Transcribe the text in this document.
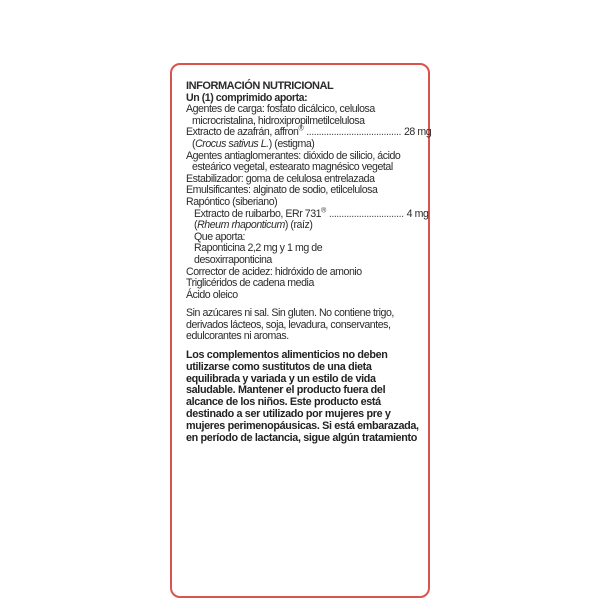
INFORMACIÓN NUTRICIONAL
Un (1) comprimido aporta:
Agentes de carga: fosfato dicálcico, celulosa
microcristalina, hidroxipropilmetilcelulosa
Extracto de azafrán, affron® ...................................... 28 mg
(Crocus sativus L.) (estigma)
Agentes antiaglomerantes: dióxido de silicio, ácido
esteárico vegetal, estearato magnésico vegetal
Estabilizador: goma de celulosa entrelazada
Emulsificantes: alginato de sodio, etilcelulosa
Rapóntico (siberiano)
Extracto de ruibarbo, ERr 731® .............................. 4 mg
(Rheum rhaponticum) (raíz)
Que aporta:
Raponticina 2,2 mg y 1 mg de
desoxirraponticina
Corrector de acidez: hidróxido de amonio
Triglicéridos de cadena media
Ácido oleico
Sin azúcares ni sal. Sin gluten. No contiene trigo,
derivados lácteos, soja, levadura, conservantes,
edulcorantes ni aromas.
Los complementos alimenticios no deben
utilizarse como sustitutos de una dieta
equilibrada y variada y un estilo de vida
saludable. Mantener el producto fuera del
alcance de los niños. Este producto está
destinado a ser utilizado por mujeres pre y
mujeres perimenopáusicas. Si está embarazada,
en período de lactancia, sigue algún tratamiento
